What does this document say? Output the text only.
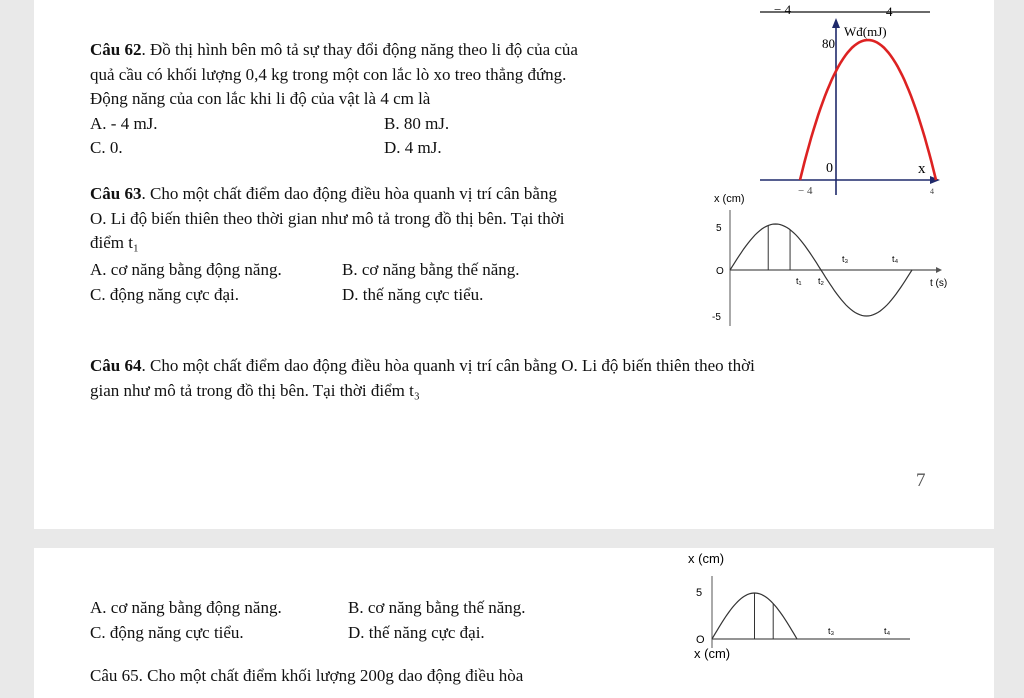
Câu 62. Đồ thị hình bên mô tả sự thay đổi động năng theo li độ của của
quả cầu có khối lượng 0,4 kg trong một con lắc lò xo treo thẳng đứng.
Động năng của con lắc khi li độ của vật là 4 cm là
A. - 4 mJ.	B. 80 mJ.
C. 0.	D. 4 mJ.
Câu 63. Cho một chất điểm dao động điều hòa quanh vị trí cân bằng
O. Li độ biến thiên theo thời gian như mô tả trong đồ thị bên. Tại thời
điểm t₁
A. cơ năng bằng động năng.	B. cơ năng bằng thế năng.
C. động năng cực đại.	D. thế năng cực tiểu.
Câu 64. Cho một chất điểm dao động điều hòa quanh vị trí cân bằng O. Li độ biến thiên theo thời
gian như mô tả trong đồ thị bên. Tại thời điểm t₃
7
− 4	4
Wđ(mJ)
80
0	x
− 4	4
x (cm)
5
O
-5
t₁ t₂
t₃	t₄
t (s)
A. cơ năng bằng động năng.	B. cơ năng bằng thế năng.
C. động năng cực tiểu.	D. thế năng cực đại.
Câu 65. Cho một chất điểm khối lượng 200g dao động điều hòa
x (cm)
5
O
t₃	t₄
x (cm)
